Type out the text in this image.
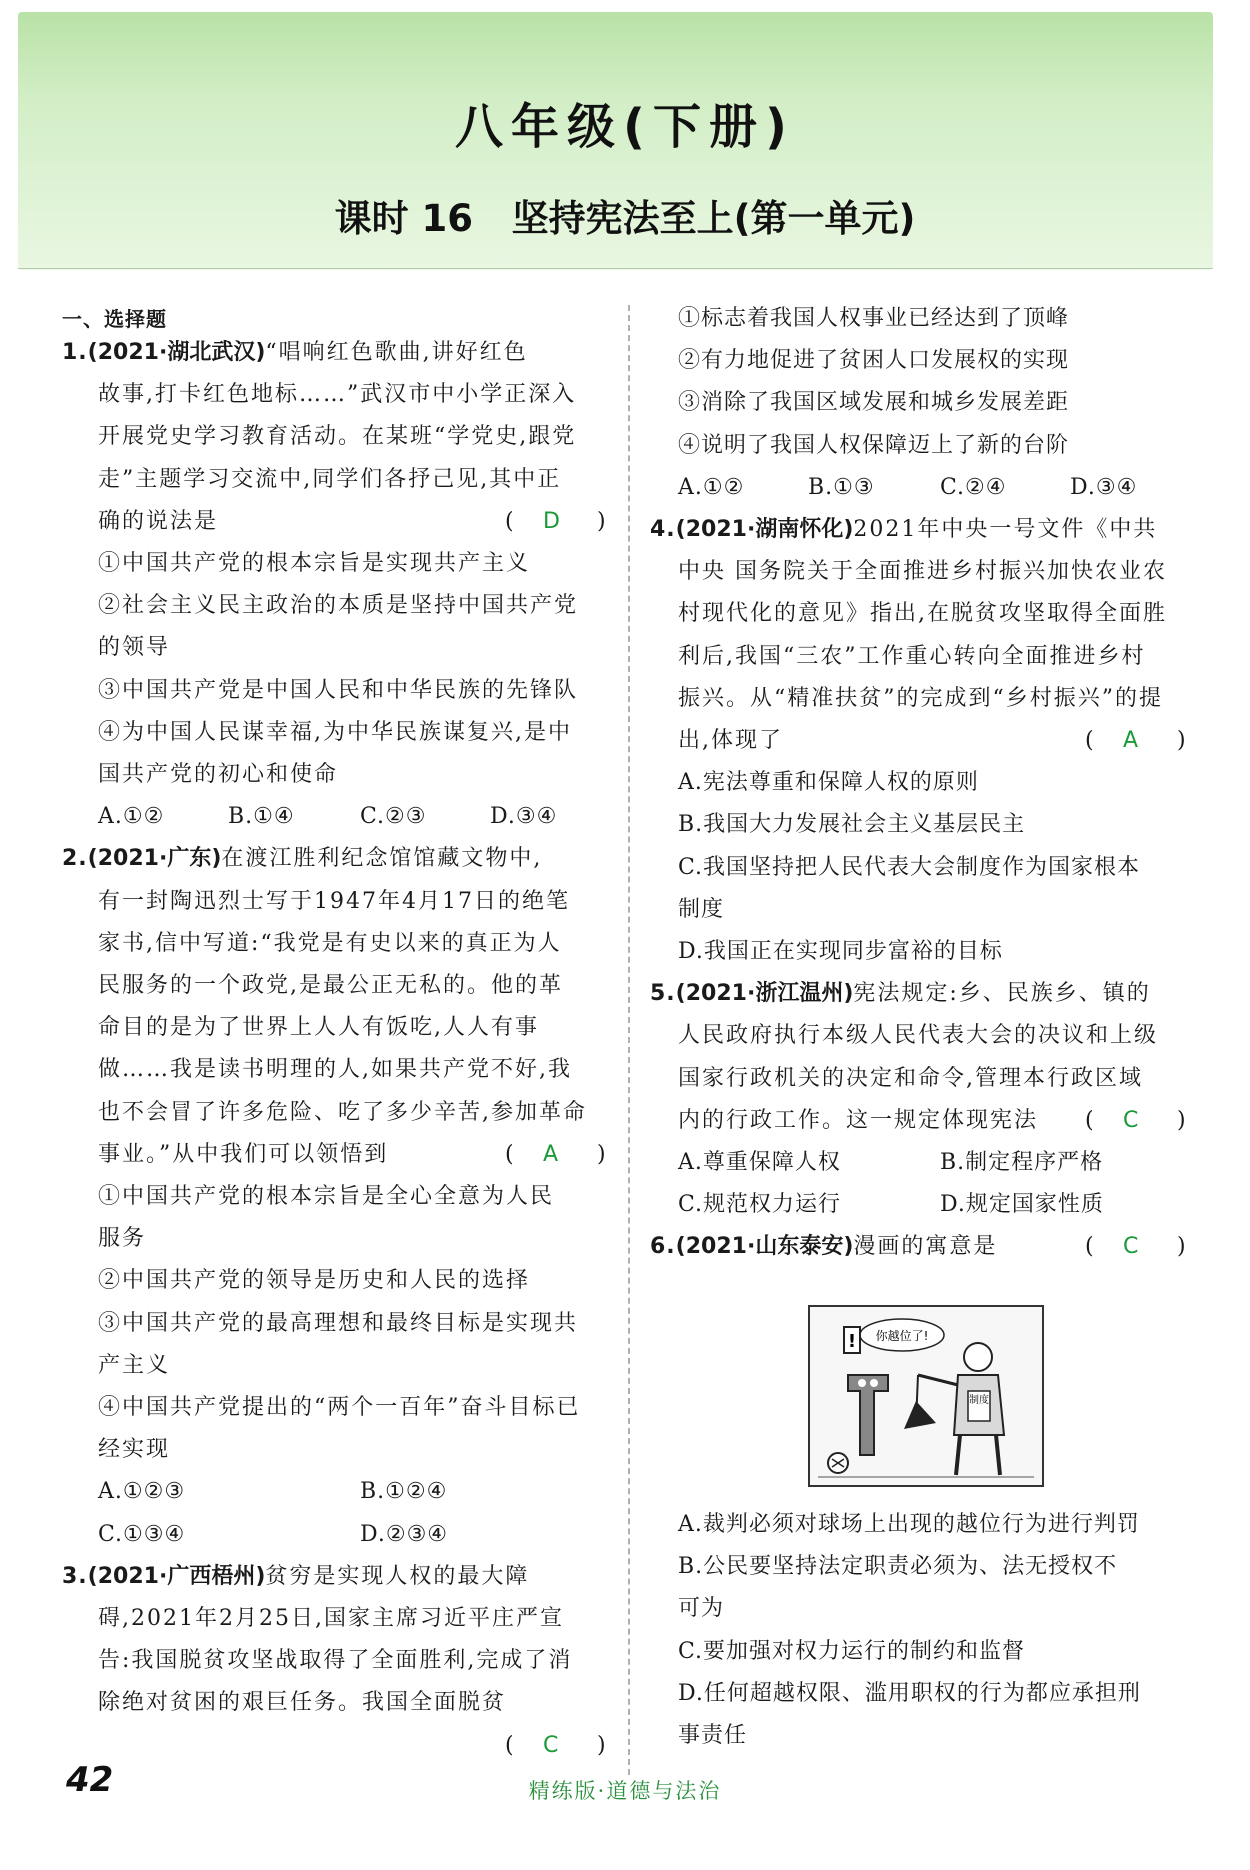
八年级(下册)
课时 16   坚持宪法至上(第一单元)
一、选择题
制度
你越位了!
!
42	精练版·道德与法治
1.(2021·湖北武汉)“唱响红色歌曲,讲好红色
故事,打卡红色地标……”武汉市中小学正深入
开展党史学习教育活动。在某班“学党史,跟党
走”主题学习交流中,同学们各抒己见,其中正
确的说法是	( D )
①中国共产党的根本宗旨是实现共产主义
②社会主义民主政治的本质是坚持中国共产党
的领导
③中国共产党是中国人民和中华民族的先锋队
④为中国人民谋幸福,为中华民族谋复兴,是中
国共产党的初心和使命
A.①②	B.①④	C.②③	D.③④
2.(2021·广东)在渡江胜利纪念馆馆藏文物中,
有一封陶迅烈士写于1947年4月17日的绝笔
家书,信中写道:“我党是有史以来的真正为人
民服务的一个政党,是最公正无私的。他的革
命目的是为了世界上人人有饭吃,人人有事
做……我是读书明理的人,如果共产党不好,我
也不会冒了许多危险、吃了多少辛苦,参加革命
事业。”从中我们可以领悟到	( A )
①中国共产党的根本宗旨是全心全意为人民
服务
②中国共产党的领导是历史和人民的选择
③中国共产党的最高理想和最终目标是实现共
产主义
④中国共产党提出的“两个一百年”奋斗目标已
经实现
A.①②③	B.①②④
C.①③④	D.②③④
3.(2021·广西梧州)贫穷是实现人权的最大障
碍,2021年2月25日,国家主席习近平庄严宣
告:我国脱贫攻坚战取得了全面胜利,完成了消
除绝对贫困的艰巨任务。我国全面脱贫
( C )
①标志着我国人权事业已经达到了顶峰
②有力地促进了贫困人口发展权的实现
③消除了我国区域发展和城乡发展差距
④说明了我国人权保障迈上了新的台阶
A.①②	B.①③	C.②④	D.③④
4.(2021·湖南怀化)2021年中央一号文件《中共
中央 国务院关于全面推进乡村振兴加快农业农
村现代化的意见》指出,在脱贫攻坚取得全面胜
利后,我国“三农”工作重心转向全面推进乡村
振兴。从“精准扶贫”的完成到“乡村振兴”的提
出,体现了	( A )
A.宪法尊重和保障人权的原则
B.我国大力发展社会主义基层民主
C.我国坚持把人民代表大会制度作为国家根本
制度
D.我国正在实现同步富裕的目标
5.(2021·浙江温州)宪法规定:乡、民族乡、镇的
人民政府执行本级人民代表大会的决议和上级
国家行政机关的决定和命令,管理本行政区域
内的行政工作。这一规定体现宪法 ( C )
A.尊重保障人权	B.制定程序严格
C.规范权力运行	D.规定国家性质
6.(2021·山东泰安)漫画的寓意是	( C )
A.裁判必须对球场上出现的越位行为进行判罚
B.公民要坚持法定职责必须为、法无授权不
可为
C.要加强对权力运行的制约和监督
D.任何超越权限、滥用职权的行为都应承担刑
事责任
